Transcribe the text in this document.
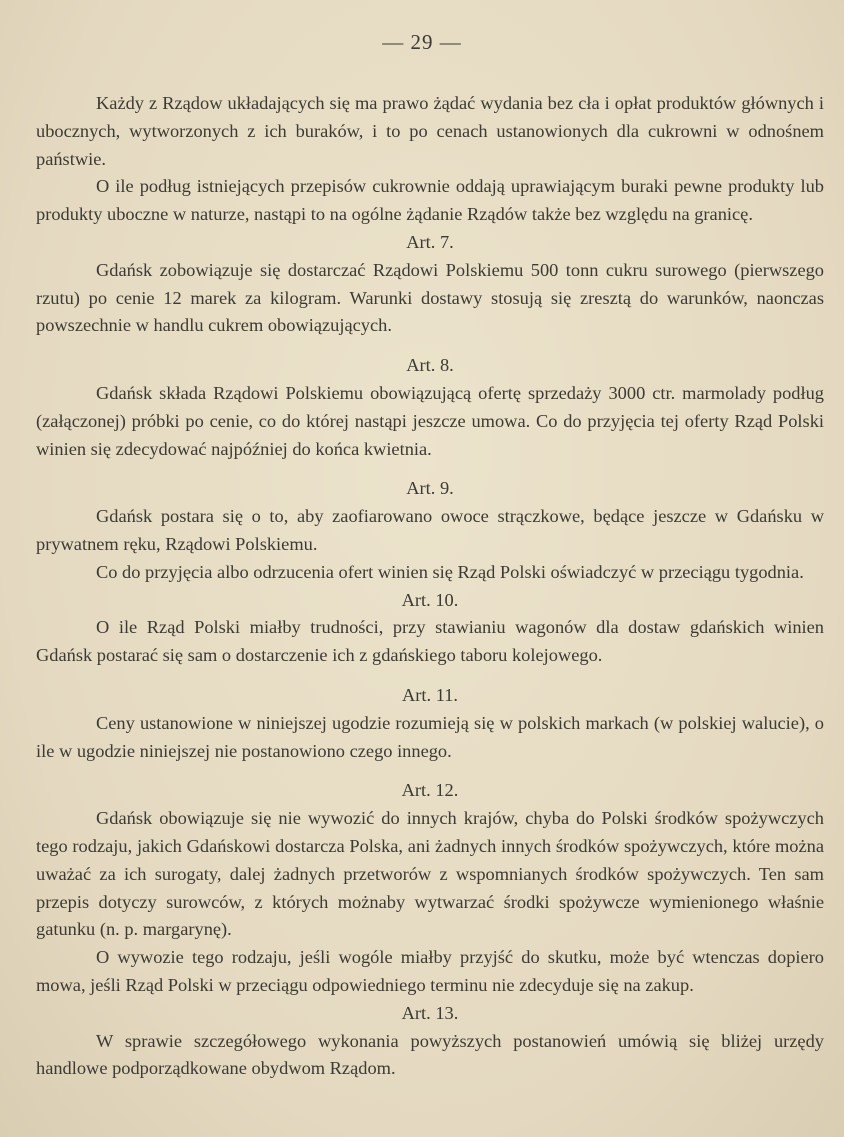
— 29 —

Każdy z Rządow układających się ma prawo żądać wydania bez cła i opłat produktów głównych i ubocznych, wytworzonych z ich buraków, i to po cenach ustanowionych dla cukrowni w odnośnem państwie.

O ile podług istniejących przepisów cukrownie oddają uprawiającym buraki pewne produkty lub produkty uboczne w naturze, nastąpi to na ogólne żądanie Rządów także bez względu na granicę.

Art. 7.

Gdańsk zobowiązuje się dostarczać Rządowi Polskiemu 500 tonn cukru surowego (pierwszego rzutu) po cenie 12 marek za kilogram. Warunki dostawy stosują się zresztą do warunków, naonczas powszechnie w handlu cukrem obowiązujących.

Art. 8.

Gdańsk składa Rządowi Polskiemu obowiązującą ofertę sprzedaży 3000 ctr. marmolady podług (załączonej) próbki po cenie, co do której nastąpi jeszcze umowa. Co do przyjęcia tej oferty Rząd Polski winien się zdecydować najpóźniej do końca kwietnia.

Art. 9.

Gdańsk postara się o to, aby zaofiarowano owoce strączkowe, będące jeszcze w Gdańsku w prywatnem ręku, Rządowi Polskiemu.

Co do przyjęcia albo odrzucenia ofert winien się Rząd Polski oświadczyć w przeciągu tygodnia.

Art. 10.

O ile Rząd Polski miałby trudności, przy stawianiu wagonów dla dostaw gdańskich winien Gdańsk postarać się sam o dostarczenie ich z gdańskiego taboru kolejowego.

Art. 11.

Ceny ustanowione w niniejszej ugodzie rozumieją się w polskich markach (w polskiej walucie), o ile w ugodzie niniejszej nie postanowiono czego innego.

Art. 12.

Gdańsk obowiązuje się nie wywozić do innych krajów, chyba do Polski środków spożywczych tego rodzaju, jakich Gdańskowi dostarcza Polska, ani żadnych innych środków spożywczych, które można uważać za ich surogaty, dalej żadnych przetworów z wspomnianych środków spożywczych. Ten sam przepis dotyczy surowców, z których możnaby wytwarzać środki spożywcze wymienionego właśnie gatunku (n. p. margarynę).

O wywozie tego rodzaju, jeśli wogóle miałby przyjść do skutku, może być wtenczas dopiero mowa, jeśli Rząd Polski w przeciągu odpowiedniego terminu nie zdecyduje się na zakup.

Art. 13.

W sprawie szczegółowego wykonania powyższych postanowień umówią się bliżej urzędy handlowe podporządkowane obydwom Rządom.
